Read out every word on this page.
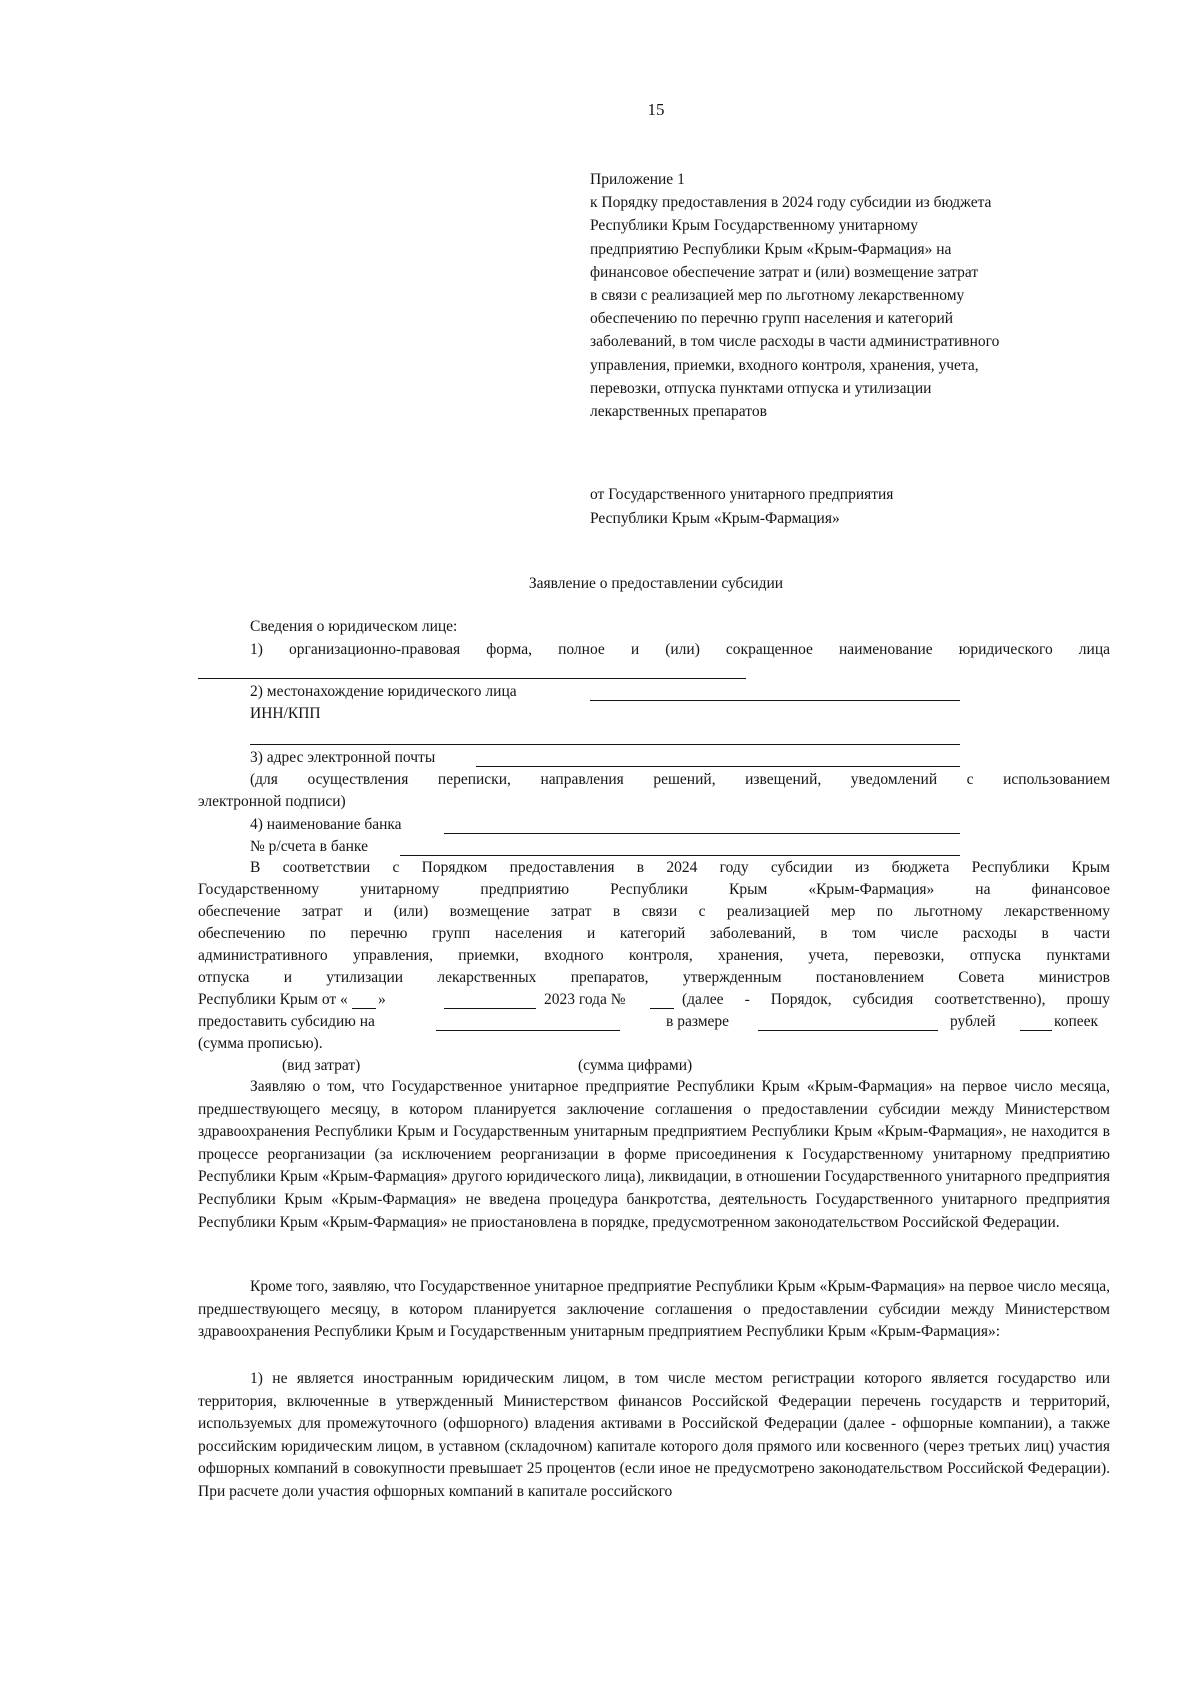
15
Приложение 1
к Порядку предоставления в 2024 году субсидии из бюджета
Республики Крым Государственному унитарному
предприятию Республики Крым «Крым-Фармация» на
финансовое обеспечение затрат и (или) возмещение затрат
в связи с реализацией мер по льготному лекарственному
обеспечению по перечню групп населения и категорий
заболеваний, в том числе расходы в части административного
управления, приемки, входного контроля, хранения, учета,
перевозки, отпуска пунктами отпуска и утилизации
лекарственных препаратов
от Государственного унитарного предприятия
Республики Крым «Крым-Фармация»
Заявление о предоставлении субсидии
Сведения о юридическом лице:
1) организационно-правовая форма, полное и (или) сокращенное наименование юридического лица
2) местонахождение юридического лица
ИНН/КПП
3) адрес электронной почты
(для осуществления переписки, направления решений, извещений, уведомлений с использованием
электронной подписи)
4) наименование банка
№ р/счета в банке
В соответствии с Порядком предоставления в 2024 году субсидии из бюджета Республики Крым
Государственному унитарному предприятию Республики Крым «Крым-Фармация» на финансовое
обеспечение затрат и (или) возмещение затрат в связи с реализацией мер по льготному лекарственному
обеспечению по перечню групп населения и категорий заболеваний, в том числе расходы в части
административного управления, приемки, входного контроля, хранения, учета, перевозки, отпуска пунктами
отпуска и утилизации лекарственных препаратов, утвержденным постановлением Совета министров
Республики Крым от « »	2023 года №	(далее - Порядок, субсидия соответственно), прошу
предоставить субсидию на	в размере	рублей	копеек
(сумма прописью).
(вид затрат)	(сумма цифрами)

Заявляю о том, что Государственное унитарное предприятие Республики Крым «Крым-Фармация» на первое число месяца, предшествующего месяцу, в котором планируется заключение соглашения о предоставлении субсидии между Министерством здравоохранения Республики Крым и Государственным унитарным предприятием Республики Крым «Крым-Фармация», не находится в процессе реорганизации (за исключением реорганизации в форме присоединения к Государственному унитарному предприятию Республики Крым «Крым-Фармация» другого юридического лица), ликвидации, в отношении Государственного унитарного предприятия Республики Крым «Крым-Фармация» не введена процедура банкротства, деятельность Государственного унитарного предприятия Республики Крым «Крым-Фармация» не приостановлена в порядке, предусмотренном законодательством Российской Федерации.

Кроме того, заявляю, что Государственное унитарное предприятие Республики Крым «Крым-Фармация» на первое число месяца, предшествующего месяцу, в котором планируется заключение соглашения о предоставлении субсидии между Министерством здравоохранения Республики Крым и Государственным унитарным предприятием Республики Крым «Крым-Фармация»:

1) не является иностранным юридическим лицом, в том числе местом регистрации которого является государство или территория, включенные в утвержденный Министерством финансов Российской Федерации перечень государств и территорий, используемых для промежуточного (офшорного) владения активами в Российской Федерации (далее - офшорные компании), а также российским юридическим лицом, в уставном (складочном) капитале которого доля прямого или косвенного (через третьих лиц) участия офшорных компаний в совокупности превышает 25 процентов (если иное не предусмотрено законодательством Российской Федерации). При расчете доли участия офшорных компаний в капитале российского
